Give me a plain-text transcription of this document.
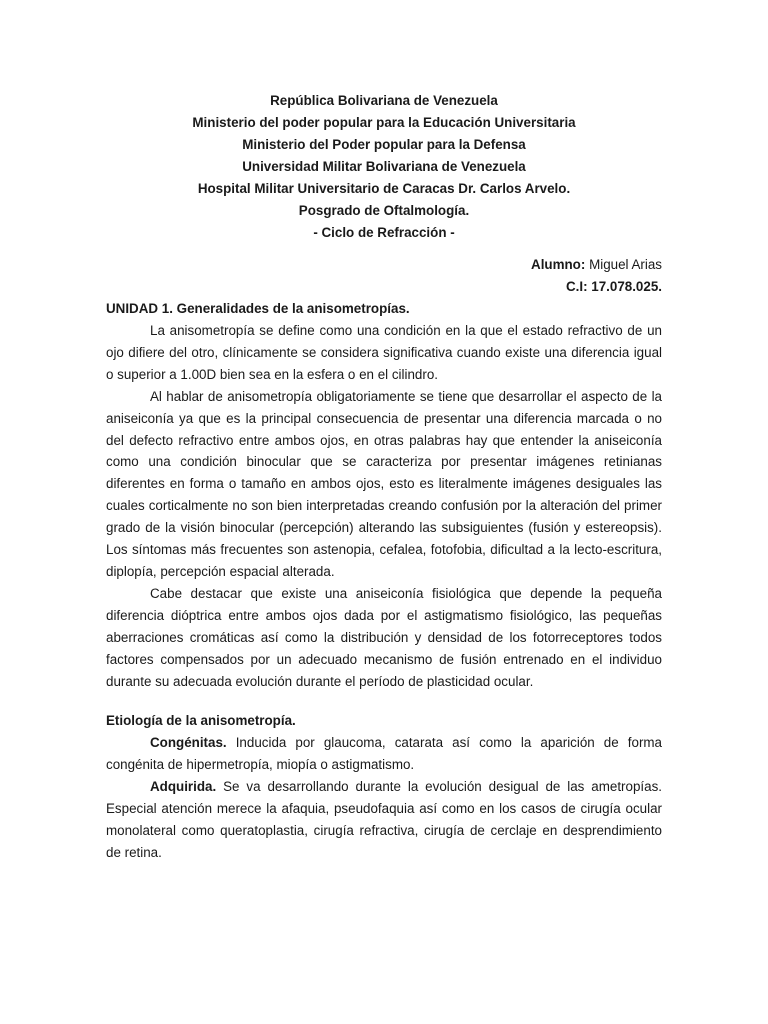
República Bolivariana de Venezuela
Ministerio del poder popular para la Educación Universitaria
Ministerio del Poder popular para la Defensa
Universidad Militar Bolivariana de Venezuela
Hospital Militar Universitario de Caracas Dr. Carlos Arvelo.
Posgrado de Oftalmología.
- Ciclo de Refracción -
Alumno: Miguel Arias
C.I: 17.078.025.
UNIDAD 1. Generalidades de la anisometropías.

La anisometropía se define como una condición en la que el estado refractivo de un ojo difiere del otro, clínicamente se considera significativa cuando existe una diferencia igual o superior a 1.00D bien sea en la esfera o en el cilindro.

Al hablar de anisometropía obligatoriamente se tiene que desarrollar el aspecto de la aniseiconía ya que es la principal consecuencia de presentar una diferencia marcada o no del defecto refractivo entre ambos ojos, en otras palabras hay que entender la aniseiconía como una condición binocular que se caracteriza por presentar imágenes retinianas diferentes en forma o tamaño en ambos ojos, esto es literalmente imágenes desiguales las cuales corticalmente no son bien interpretadas creando confusión por la alteración del primer grado de la visión binocular (percepción) alterando las subsiguientes (fusión y estereopsis). Los síntomas más frecuentes son astenopia, cefalea, fotofobia, dificultad a la lecto-escritura, diplopía, percepción espacial alterada.

Cabe destacar que existe una aniseiconía fisiológica que depende la pequeña diferencia dióptrica entre ambos ojos dada por el astigmatismo fisiológico, las pequeñas aberraciones cromáticas así como la distribución y densidad de los fotorreceptores todos factores compensados por un adecuado mecanismo de fusión entrenado en el individuo durante su adecuada evolución durante el período de plasticidad ocular.

Etiología de la anisometropía.

Congénitas. Inducida por glaucoma, catarata así como la aparición de forma congénita de hipermetropía, miopía o astigmatismo.

Adquirida. Se va desarrollando durante la evolución desigual de las ametropías. Especial atención merece la afaquia, pseudofaquia así como en los casos de cirugía ocular monolateral como queratoplastia, cirugía refractiva, cirugía de cerclaje en desprendimiento de retina.
